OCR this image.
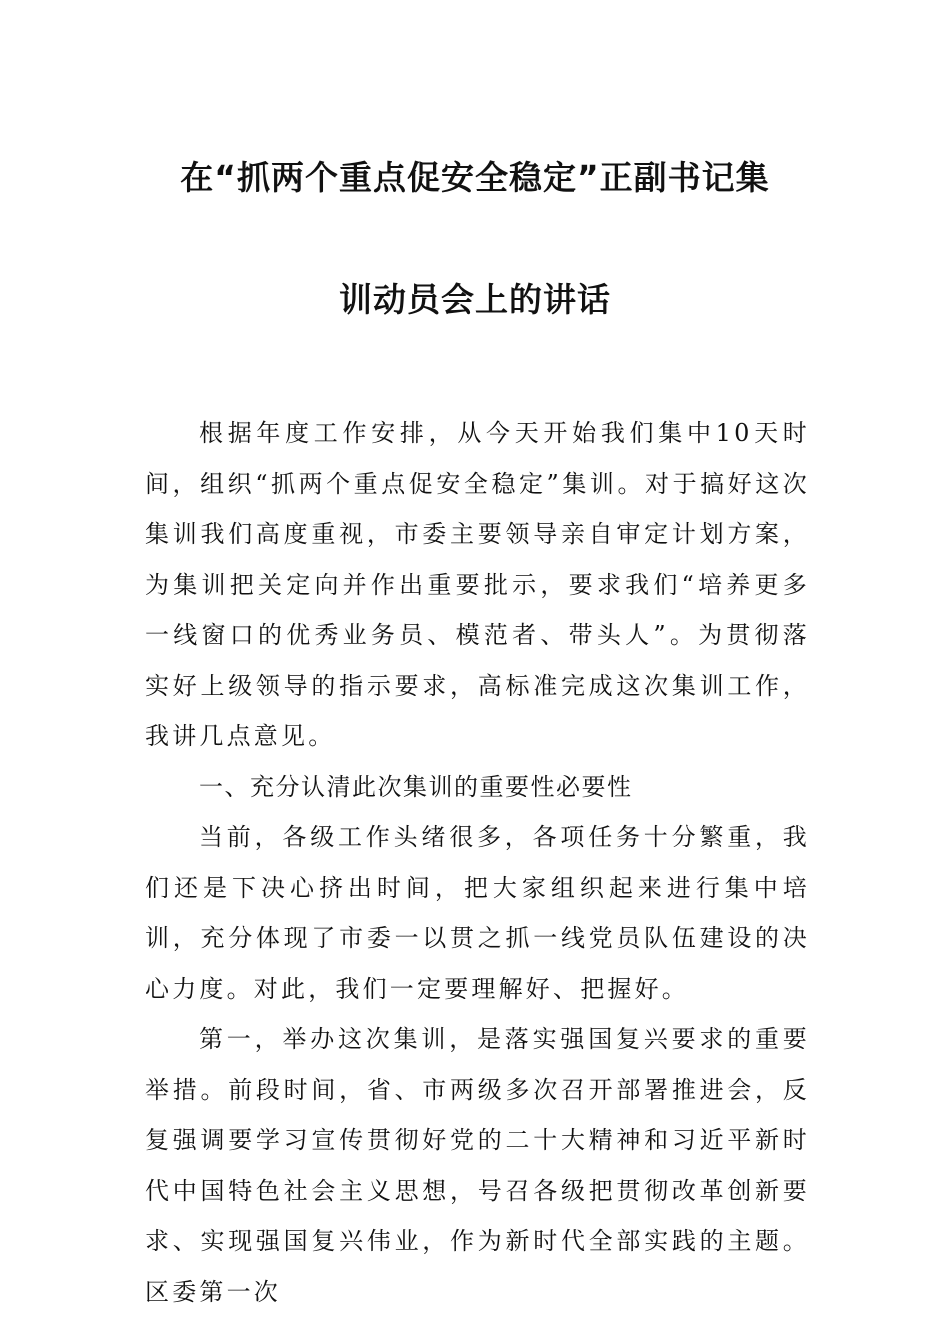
在“抓两个重点促安全稳定”正副书记集
训动员会上的讲话

根据年度工作安排，从今天开始我们集中10天时间，组织“抓两个重点促安全稳定”集训。对于搞好这次集训我们高度重视，市委主要领导亲自审定计划方案，为集训把关定向并作出重要批示，要求我们“培养更多一线窗口的优秀业务员、模范者、带头人”。为贯彻落实好上级领导的指示要求，高标准完成这次集训工作，我讲几点意见。

一、充分认清此次集训的重要性必要性

当前，各级工作头绪很多，各项任务十分繁重，我们还是下决心挤出时间，把大家组织起来进行集中培训，充分体现了市委一以贯之抓一线党员队伍建设的决心力度。对此，我们一定要理解好、把握好。

第一，举办这次集训，是落实强国复兴要求的重要举措。前段时间，省、市两级多次召开部署推进会，反复强调要学习宣传贯彻好党的二十大精神和习近平新时代中国特色社会主义思想，号召各级把贯彻改革创新要求、实现强国复兴伟业，作为新时代全部实践的主题。区委第一次
